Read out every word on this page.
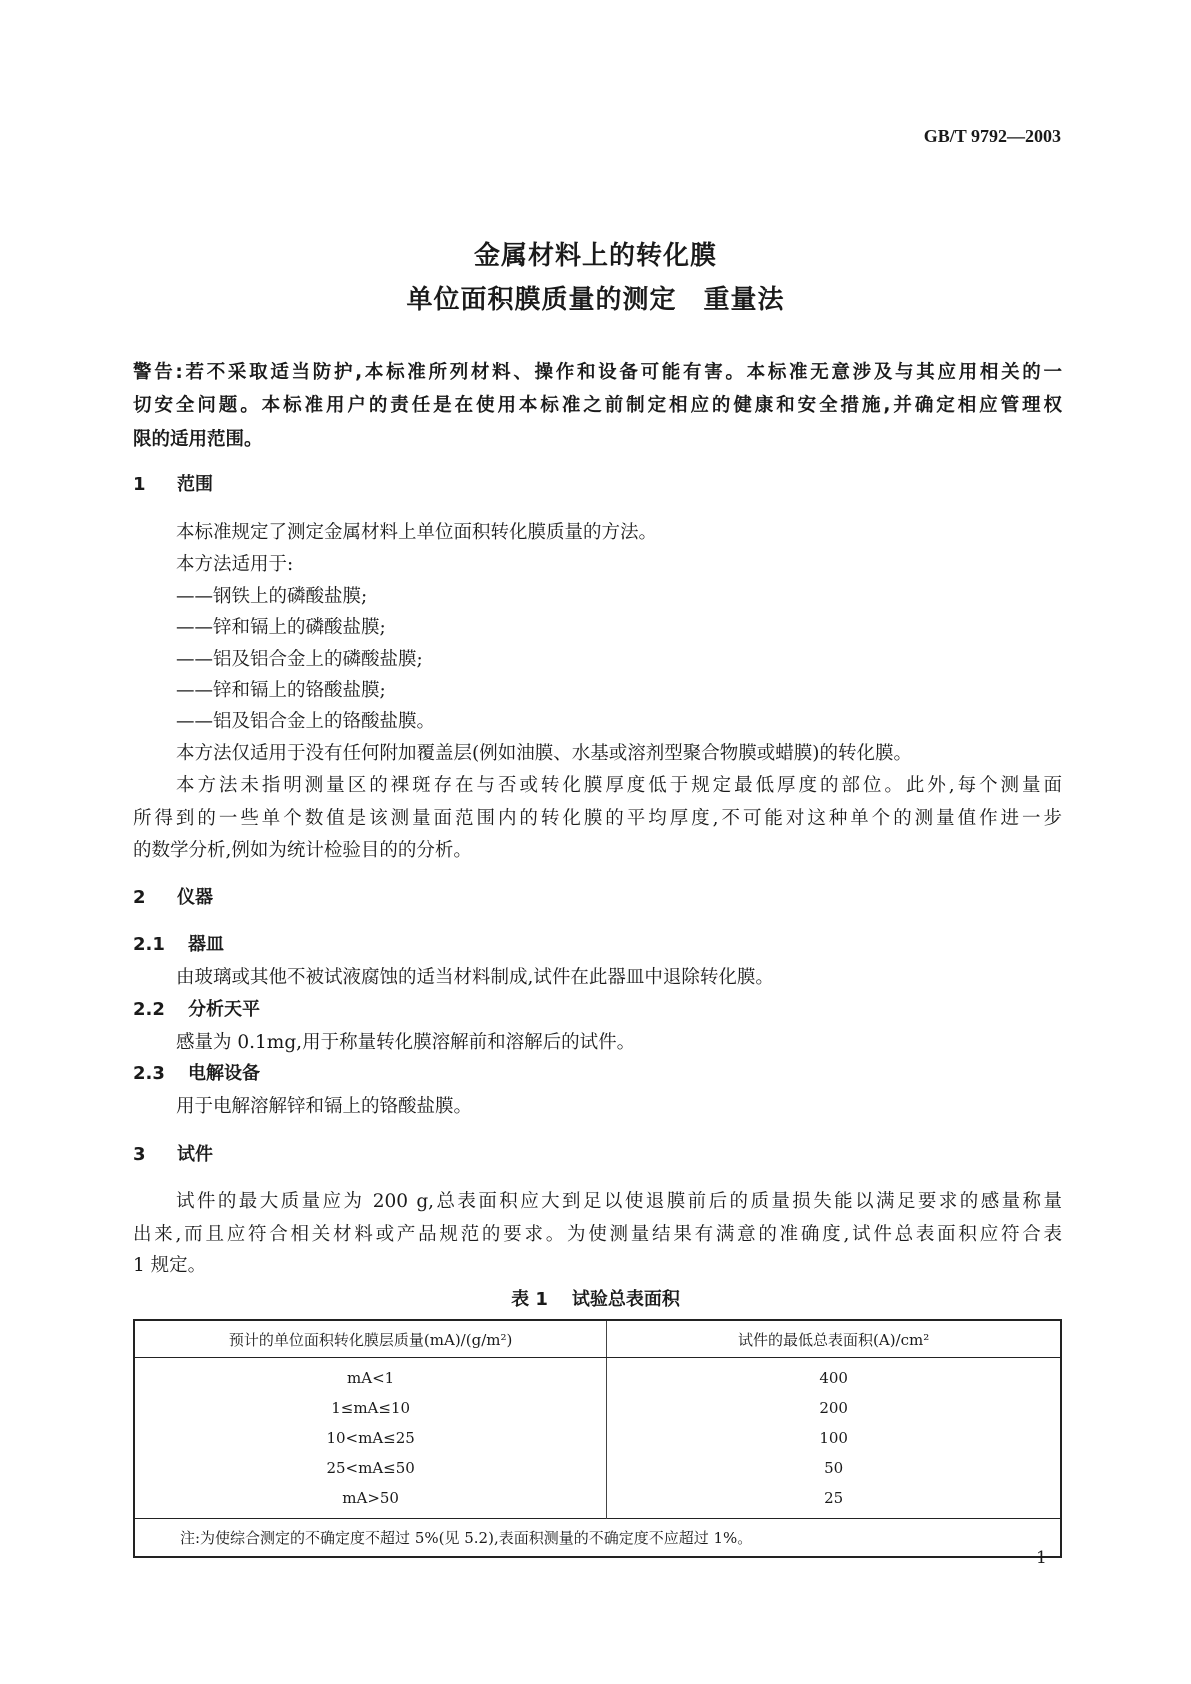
GB/T 9792—2003
金属材料上的转化膜
单位面积膜质量的测定　重量法
警告:若不采取适当防护,本标准所列材料、操作和设备可能有害。本标准无意涉及与其应用相关的一
切安全问题。本标准用户的责任是在使用本标准之前制定相应的健康和安全措施,并确定相应管理权
限的适用范围。
1 范围
本标准规定了测定金属材料上单位面积转化膜质量的方法。
本方法适用于:
——钢铁上的磷酸盐膜;
——锌和镉上的磷酸盐膜;
——铝及铝合金上的磷酸盐膜;
——锌和镉上的铬酸盐膜;
——铝及铝合金上的铬酸盐膜。
本方法仅适用于没有任何附加覆盖层(例如油膜、水基或溶剂型聚合物膜或蜡膜)的转化膜。
本方法未指明测量区的裸斑存在与否或转化膜厚度低于规定最低厚度的部位。此外,每个测量面
所得到的一些单个数值是该测量面范围内的转化膜的平均厚度,不可能对这种单个的测量值作进一步
的数学分析,例如为统计检验目的的分析。
2 仪器
2.1 器皿
由玻璃或其他不被试液腐蚀的适当材料制成,试件在此器皿中退除转化膜。
2.2 分析天平
感量为 0.1mg,用于称量转化膜溶解前和溶解后的试件。
2.3 电解设备
用于电解溶解锌和镉上的铬酸盐膜。
3 试件
试件的最大质量应为 200 g,总表面积应大到足以使退膜前后的质量损失能以满足要求的感量称量
出来,而且应符合相关材料或产品规范的要求。为使测量结果有满意的准确度,试件总表面积应符合表
1 规定。
表 1 试验总表面积
预计的单位面积转化膜层质量(mA)/(g/m²)	试件的最低总表面积(A)/cm²
mA<1	400
1≤mA≤10	200
10<mA≤25	100
25<mA≤50	50
mA>50	25
注:为使综合测定的不确定度不超过 5%(见 5.2),表面积测量的不确定度不应超过 1%。	
1
